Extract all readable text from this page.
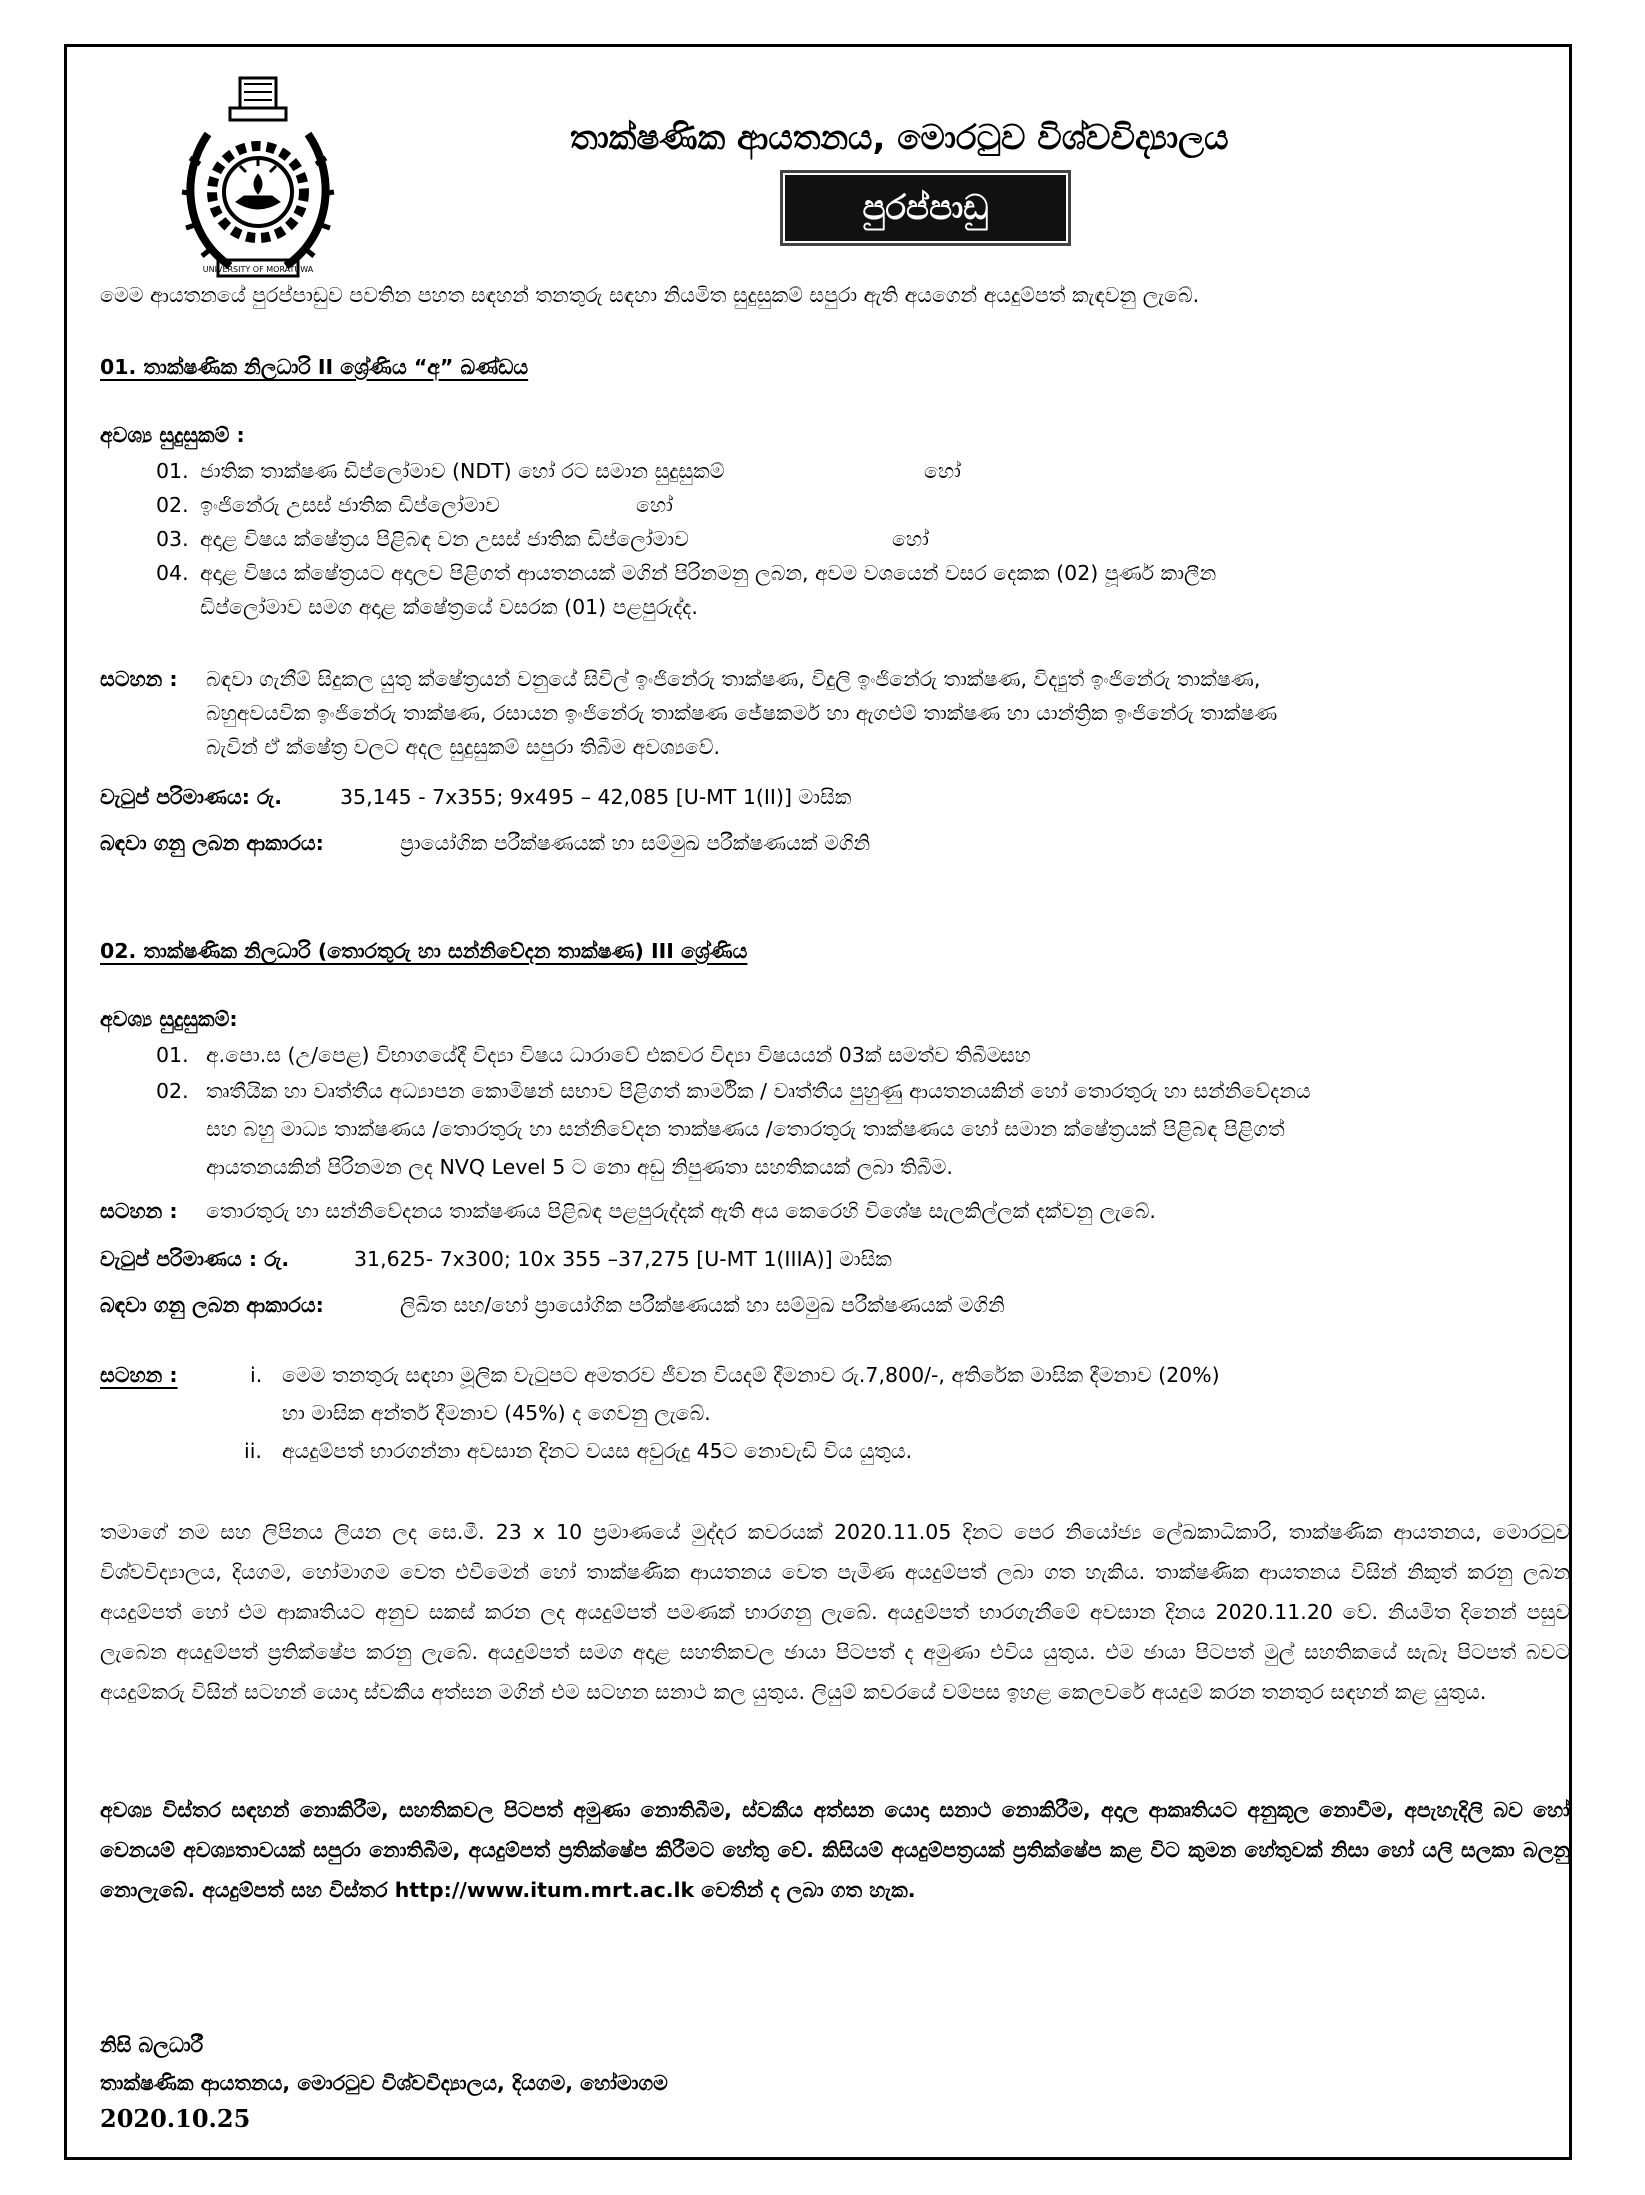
UNIVERSITY OF MORATUWA
තාක්ෂණික ආයතනය, මොරටුව විශ්වවිද්‍යාලය
පුරප්පාඩු
මෙම ආයතනයේ පුරප්පාඩුව පවතින පහත සඳහන් තනතුරු සඳහා නියමිත සුදුසුකම් සපුරා ඇති අයගෙන් අයදුම්පත් කැඳවනු ලැබේ.
01. තාක්ෂණික නිලධාරි II ශ්‍රේණිය “අ” ඛණ්ඩය
අවශ්‍ය සුදුසුකම් :
01. ජාතික තාක්ෂණ ඩිප්ලෝමාව (NDT) හෝ රට සමාන සුදුසුකම්	හෝ
02. ඉංජිනේරු උසස් ජාතික ඩිප්ලෝමාව	හෝ
03. අදාළ විෂය ක්ෂේත්‍රය පිළිබඳ වන උසස් ජාතික ඩිප්ලෝමාව	හෝ
04. අදාළ විෂය ක්ෂේත්‍රයට අදාලව පිළිගත් ආයතනයක් මගින් පිරිනමනු ලබන, අවම වශයෙන් වසර දෙකක (02) පූර්ණ කාලීන
ඩිප්ලෝමාව සමග අදාළ ක්ෂේත්‍රයේ වසරක (01) පළපුරුද්ද.
සටහන : බඳවා ගැනීම් සිදුකල යුතු ක්ෂේත්‍රයන් වනුයේ සිවිල් ඉංජිනේරු තාක්ෂණ, විදුලි ඉංජිනේරු තාක්ෂණ, විද්‍යුත් ඉංජිනේරු තාක්ෂණ,
බහුඅවයවික ඉංජිනේරු තාක්ෂණ, රසායන ඉංජිනේරු තාක්ෂණ ජේෂකර්ම හා ඇගළුම් තාක්ෂණ හා යාන්ත්‍රික ඉංජිනේරු තාක්ෂණ
බැවින් ඒ ක්ෂේත්‍ර වලට අදල සුදුසුකම් සපුරා තිබීම අවශ්‍යවේ.
වැටුප් පරිමාණය: රු.	35,145 - 7x355; 9x495 – 42,085 [U-MT 1(II)] මාසික
බඳවා ගනු ලබන ආකාරය:	ප්‍රායෝගික පරීක්ෂණයක් හා සම්මුඛ පරීක්ෂණයක් මගිනි
02. තාක්ෂණික නිලධාරි (තොරතුරු හා සන්නිවේදන තාක්ෂණ) III ශ්‍රේණිය
අවශ්‍ය සුදුසුකම්:
01. අ.පො.ස (උ/පෙළ) විභාගයේදී විද්‍යා විෂය ධාරාවේ එකවර විද්‍යා විෂයයන් 03ක් සමත්ව තිබීම.
සහ
02. තෘතීයික හා වෘත්තීය අධ්‍යාපන කොමිෂන් සභාව පිළිගත් කාර්මික / වෘත්තීය පුහුණු ආයතනයකින් හෝ තොරතුරු හා සන්නිවේදනය
සහ බහු මාධ්‍ය තාක්ෂණය /තොරතුරු හා සන්නිවේදන තාක්ෂණය /තොරතුරු තාක්ෂණය හෝ සමාන ක්ෂේත්‍රයක් පිළිබඳ පිළිගත්
ආයතනයකින් පිරිනමන ලද NVQ Level 5 ට නො අඩු නිපුණතා සහතිකයක් ලබා තිබීම.
සටහන : තොරතුරු හා සන්නිවේදනය තාක්ෂණය පිළිබඳ පළපුරුද්දක් ඇති අය කෙරෙහි විශේෂ සැලකිල්ලක් දක්වනු ලැබේ.
වැටුප් පරිමාණය : රු.	31,625- 7x300; 10x 355 –37,275 [U-MT 1(IIIA)] මාසික
බඳවා ගනු ලබන ආකාරය:	ලිඛිත සහ/හෝ ප්‍රායෝගික පරීක්ෂණයක් හා සම්මුඛ පරීක්ෂණයක් මගිනි
සටහන :	i. මෙම තනතුරු සඳහා මූලික වැටුපට අමතරව ජීවන වියදම් දීමනාව රු.7,800/-, අතිරේක මාසික දීමනාව (20%)
හා මාසික අන්තර් දීමනාව (45%) ද ගෙවනු ලැබේ.
ii. අයදුම්පත් භාරගන්නා අවසාන දිනට වයස අවුරුදු 45ට නොවැඩි විය යුතුය.
තමාගේ නම සහ ලිපිනය ලියන ලද සෙ.මී. 23 x 10 ප්‍රමාණයේ මුද්දර කවරයක් 2020.11.05 දිනට පෙර නියෝජ්‍ය ලේඛකාධිකාරි, තාක්ෂණික ආයතනය, මොරටුව විශ්වවිද්‍යාලය, දියගම, හෝමාගම වෙත එවීමෙන් හෝ තාක්ෂණික ආයතනය වෙත පැමිණ අයදුම්පත් ලබා ගත හැකිය. තාක්ෂණික ආයතනය විසින් නිකුත් කරනු ලබන අයදුම්පත් හෝ එම ආකෘතියට අනුව සකස් කරන ලද අයදුම්පත් පමණක් භාරගනු ලැබේ. අයදුම්පත් භාරගැනීමේ අවසාන දිනය 2020.11.20 වේ. නියමිත දිනෙන් පසුව ලැබෙන අයදුම්පත් ප්‍රතික්ෂේප කරනු ලැබේ. අයදුම්පත් සමග අදාළ සහතිකවල ඡායා පිටපත් ද අමුණා එවිය යුතුය. එම ඡායා පිටපත් මුල් සහතිකයේ සැබෑ පිටපත් බවට අයදුම්කරු විසින් සටහන් යොදා ස්වකීය අත්සන මගින් එම සටහන සනාථ කල යුතුය. ලියුම් කවරයේ වම්පස ඉහළ කෙලවරේ අයදුම් කරන තනතුර සඳහන් කළ යුතුය.
අවශ්‍ය විස්තර සඳහන් නොකිරීම, සහතිකවල පිටපත් අමුණා නොතිබීම, ස්වකීය අත්සන යොදා සනාථ නොකිරීම, අදාල ආකෘතියට අනුකූල නොවීම, අපැහැදිලි බව හෝ වෙනයම් අවශ්‍යතාවයක් සපුරා නොතිබීම, අයදුම්පත් ප්‍රතික්ෂේප කිරීමට හේතු වේ. කිසියම් අයදුම්පත්‍රයක් ප්‍රතික්ෂේප කළ විට කුමන හේතුවක් නිසා හෝ යලි සලකා බලනු නොලැබේ. අයදුම්පත් සහ විස්තර http://www.itum.mrt.ac.lk වෙතින් ද ලබා ගත හැක.
නිසි බලධාරී
තාක්ෂණික ආයතනය, මොරටුව විශ්වවිද්‍යාලය, දියගම, හෝමාගම
2020.10.25
